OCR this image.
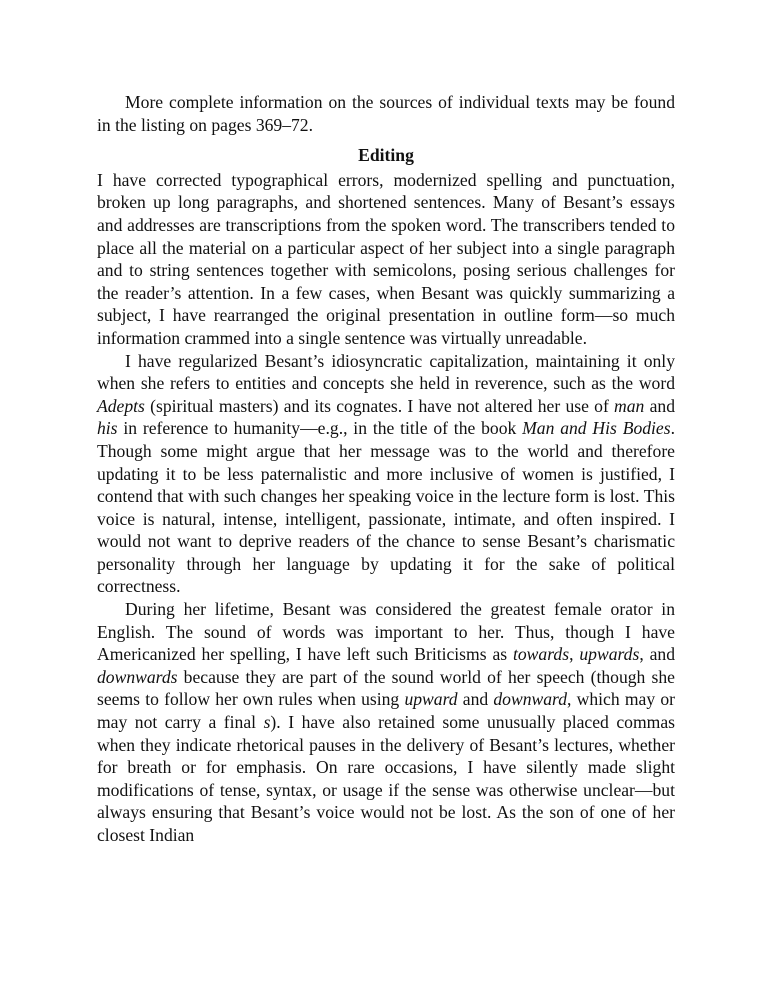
More complete information on the sources of individual texts may be found in the listing on pages 369–72.

Editing

I have corrected typographical errors, modernized spelling and punctuation, broken up long paragraphs, and shortened sentences. Many of Besant’s essays and addresses are transcriptions from the spoken word. The transcribers tended to place all the material on a particular aspect of her subject into a single paragraph and to string sentences together with semicolons, posing serious challenges for the reader’s attention. In a few cases, when Besant was quickly summarizing a subject, I have rearranged the original presentation in outline form—so much information crammed into a single sentence was virtually unreadable.

I have regularized Besant’s idiosyncratic capitalization, maintaining it only when she refers to entities and concepts she held in reverence, such as the word Adepts (spiritual masters) and its cognates. I have not altered her use of man and his in reference to humanity—e.g., in the title of the book Man and His Bodies. Though some might argue that her message was to the world and therefore updating it to be less paternalistic and more inclusive of women is justified, I contend that with such changes her speaking voice in the lecture form is lost. This voice is natural, intense, intelligent, passionate, intimate, and often inspired. I would not want to deprive readers of the chance to sense Besant’s charismatic personality through her language by updating it for the sake of political correctness.

During her lifetime, Besant was considered the greatest female orator in English. The sound of words was important to her. Thus, though I have Americanized her spelling, I have left such Briticisms as towards, upwards, and downwards because they are part of the sound world of her speech (though she seems to follow her own rules when using upward and downward, which may or may not carry a final s). I have also retained some unusually placed commas when they indicate rhetorical pauses in the delivery of Besant’s lectures, whether for breath or for emphasis. On rare occasions, I have silently made slight modifications of tense, syntax, or usage if the sense was otherwise unclear—but always ensuring that Besant’s voice would not be lost. As the son of one of her closest Indian
